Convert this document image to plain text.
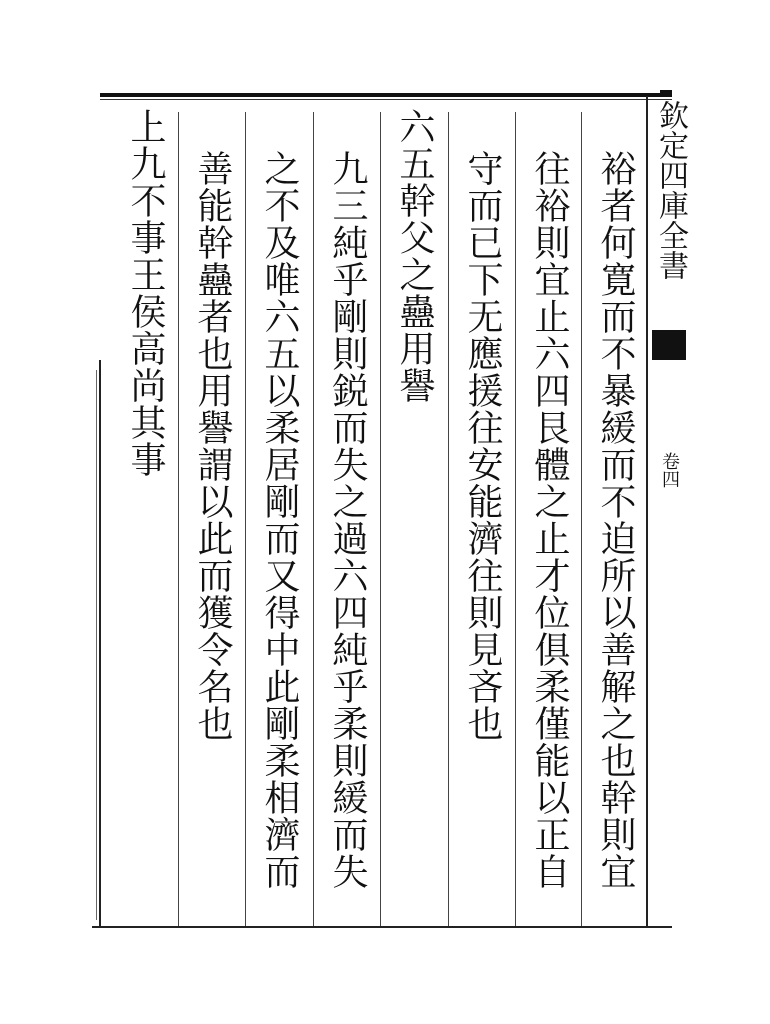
欽定四庫全書
卷四
裕者何寛而不暴緩而不迫所以善解之也幹則宜
往裕則宜止六四艮體之止才位俱柔僅能以正自
守而已下无應援往安能濟往則見吝也
六五幹父之蠱用譽
九三純乎剛則鋭而失之過六四純乎柔則緩而失
之不及唯六五以柔居剛而又得中此剛柔相濟而
善能幹蠱者也用譽謂以此而獲令名也
上九不事王侯高尚其事
